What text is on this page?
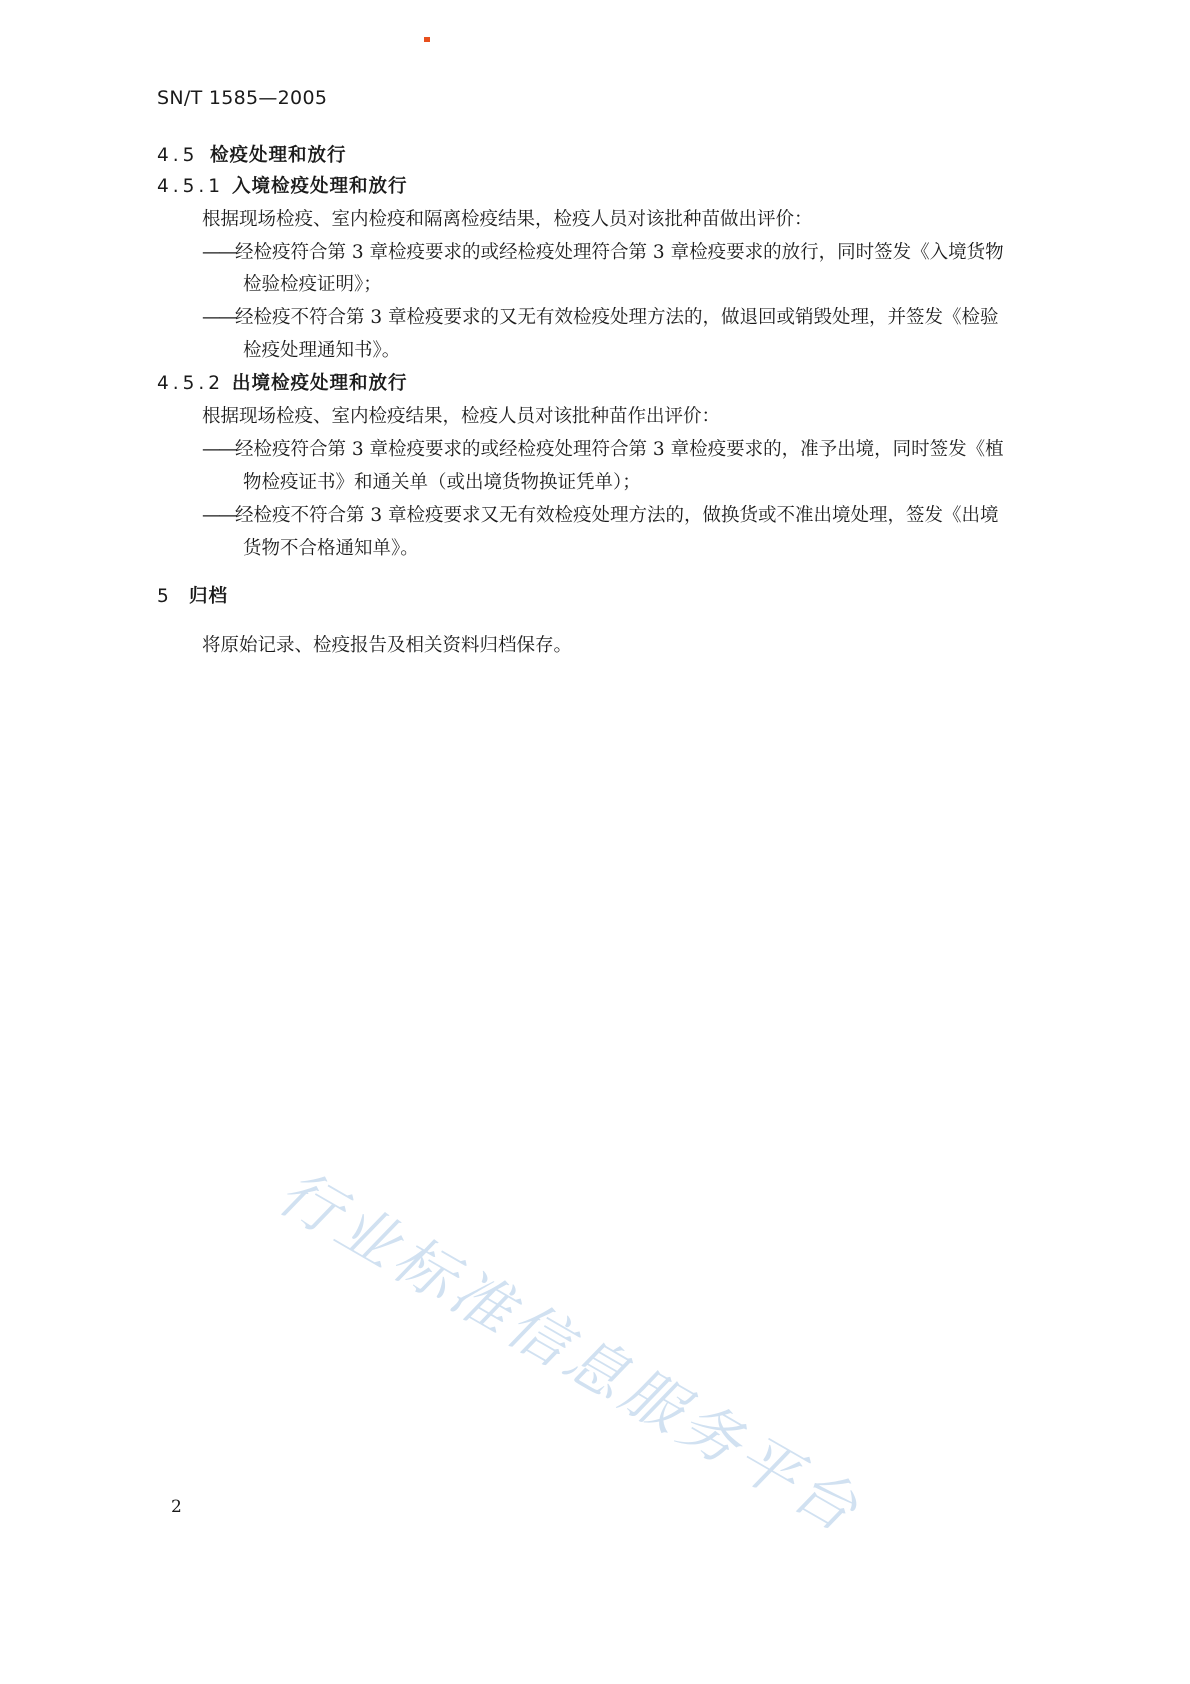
SN/T 1585—2005
4.5 检疫处理和放行
4.5.1 入境检疫处理和放行
根据现场检疫、室内检疫和隔离检疫结果，检疫人员对该批种苗做出评价：
——经检疫符合第 3 章检疫要求的或经检疫处理符合第 3 章检疫要求的放行，同时签发《入境货物
检验检疫证明》；
——经检疫不符合第 3 章检疫要求的又无有效检疫处理方法的，做退回或销毁处理，并签发《检验
检疫处理通知书》。
4.5.2 出境检疫处理和放行
根据现场检疫、室内检疫结果，检疫人员对该批种苗作出评价：
——经检疫符合第 3 章检疫要求的或经检疫处理符合第 3 章检疫要求的，准予出境，同时签发《植
物检疫证书》和通关单（或出境货物换证凭单）；
——经检疫不符合第 3 章检疫要求又无有效检疫处理方法的，做换货或不准出境处理，签发《出境
货物不合格通知单》。
5 归档
将原始记录、检疫报告及相关资料归档保存。
行业标准信息服务平台
2
